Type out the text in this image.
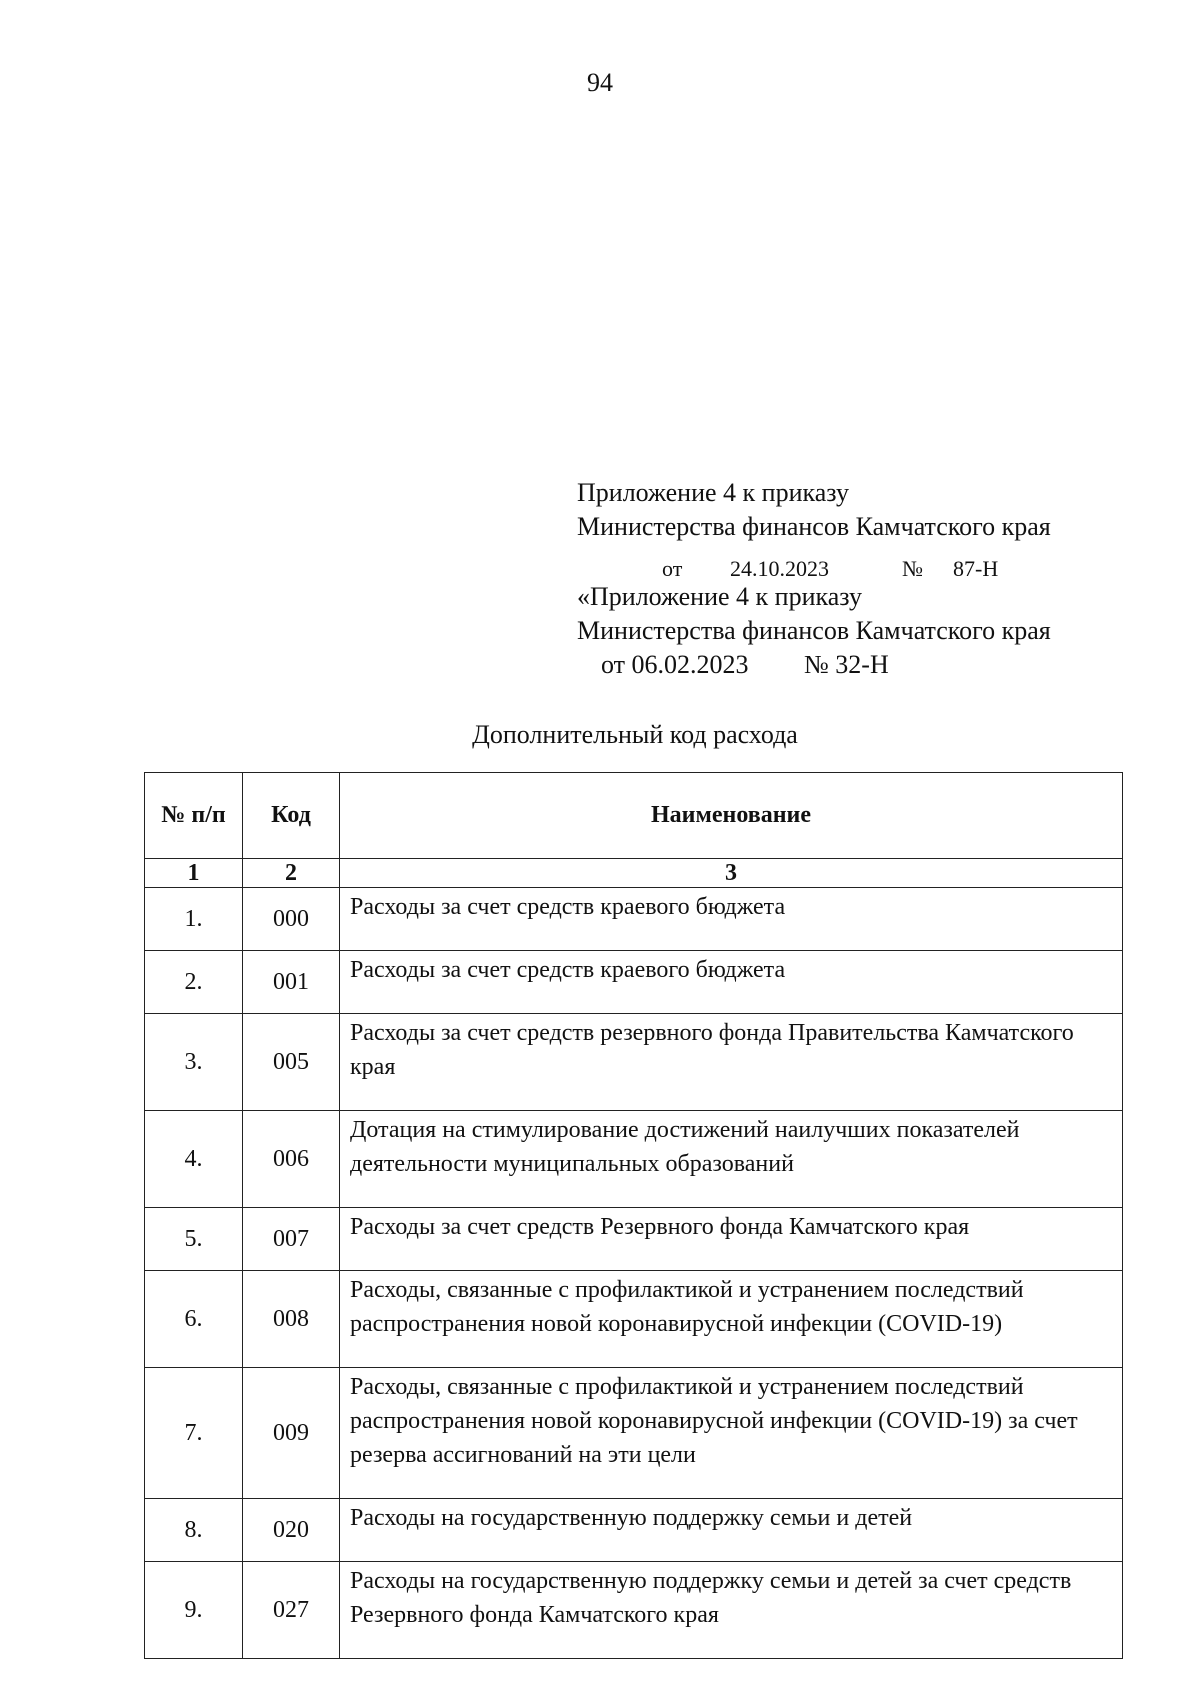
94
Приложение 4 к приказу
Министерства финансов Камчатского края
от 24.10.2023	№ 87-Н
«Приложение 4 к приказу
Министерства финансов Камчатского края
от 06.02.2023 № 32-Н
Дополнительный код расхода
№ п/п	Код	Наименование
1	2	3
1.	000	Расходы за счет средств краевого бюджета
2.	001	Расходы за счет средств краевого бюджета
3.	005	Расходы за счет средств резервного фонда Правительства Камчатского края
4.	006	Дотация на стимулирование достижений наилучших показателей деятельности муниципальных образований
5.	007	Расходы за счет средств Резервного фонда Камчатского края
6.	008	Расходы, связанные с профилактикой и устранением последствий распространения новой коронавирусной инфекции (COVID-19)
7.	009	Расходы, связанные с профилактикой и устранением последствий распространения новой коронавирусной инфекции (COVID-19) за счет резерва ассигнований на эти цели
8.	020	Расходы на государственную поддержку семьи и детей
9.	027	Расходы на государственную поддержку семьи и детей за счет средств Резервного фонда Камчатского края
